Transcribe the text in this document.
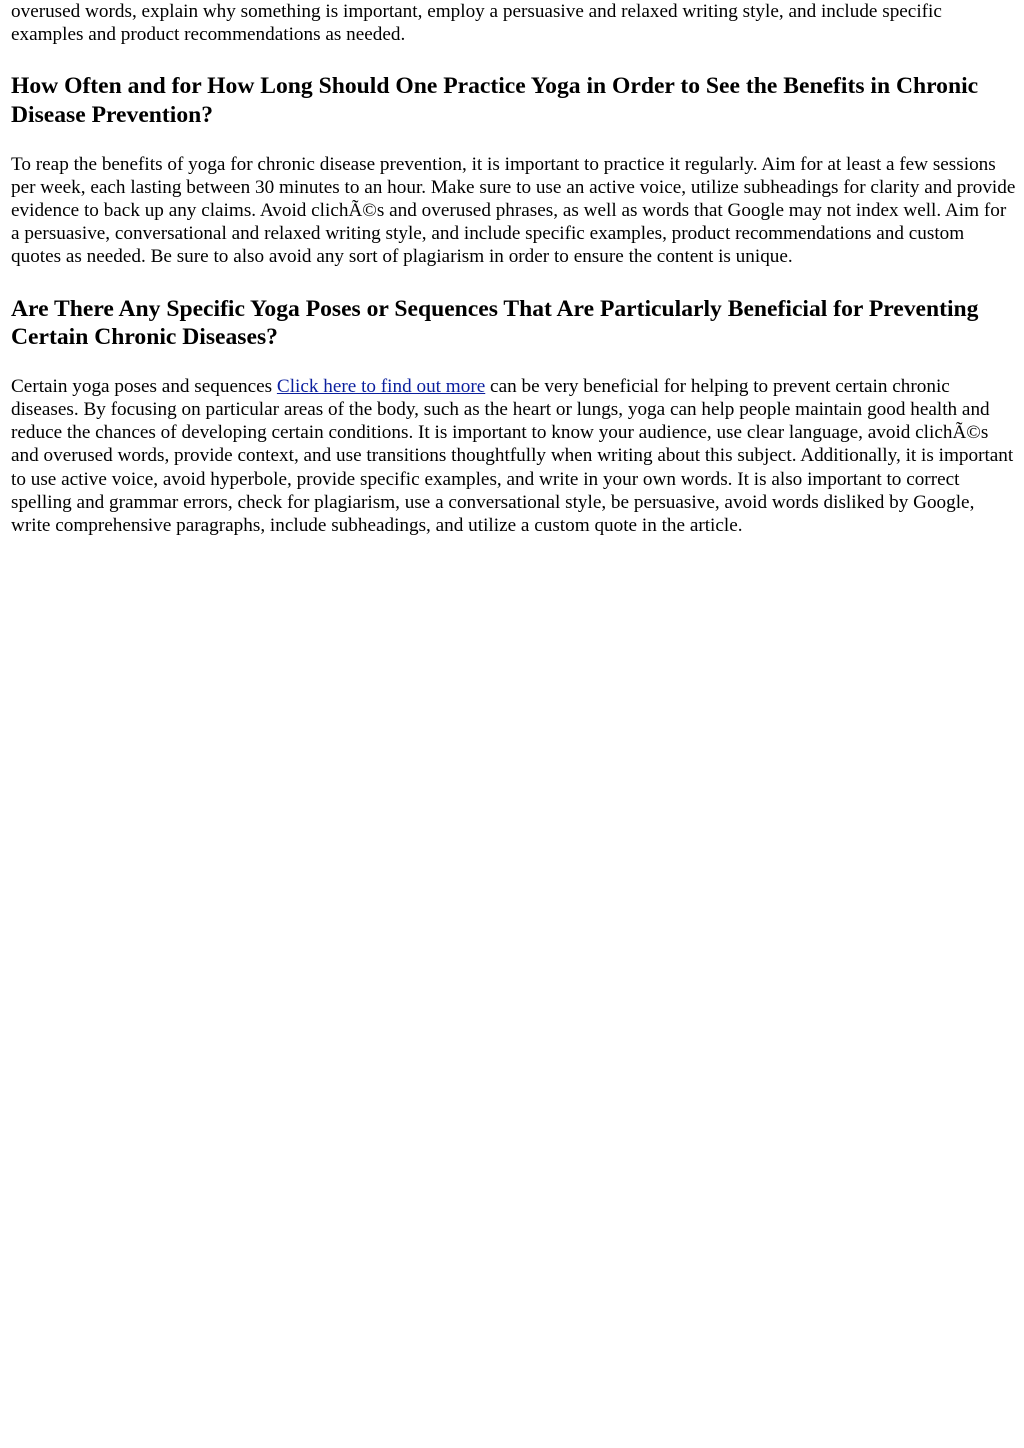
overused words, explain why something is important, employ a persuasive and relaxed writing style, and include specific examples and product recommendations as needed.

How Often and for How Long Should One Practice Yoga in Order to See the Benefits in Chronic Disease Prevention?

To reap the benefits of yoga for chronic disease prevention, it is important to practice it regularly. Aim for at least a few sessions per week, each lasting between 30 minutes to an hour. Make sure to use an active voice, utilize subheadings for clarity and provide evidence to back up any claims. Avoid clichÃ©s and overused phrases, as well as words that Google may not index well. Aim for a persuasive, conversational and relaxed writing style, and include specific examples, product recommendations and custom quotes as needed. Be sure to also avoid any sort of plagiarism in order to ensure the content is unique.

Are There Any Specific Yoga Poses or Sequences That Are Particularly Beneficial for Preventing Certain Chronic Diseases?

Certain yoga poses and sequences Click here to find out more can be very beneficial for helping to prevent certain chronic diseases. By focusing on particular areas of the body, such as the heart or lungs, yoga can help people maintain good health and reduce the chances of developing certain conditions. It is important to know your audience, use clear language, avoid clichÃ©s and overused words, provide context, and use transitions thoughtfully when writing about this subject. Additionally, it is important to use active voice, avoid hyperbole, provide specific examples, and write in your own words. It is also important to correct spelling and grammar errors, check for plagiarism, use a conversational style, be persuasive, avoid words disliked by Google, write comprehensive paragraphs, include subheadings, and utilize a custom quote in the article.
